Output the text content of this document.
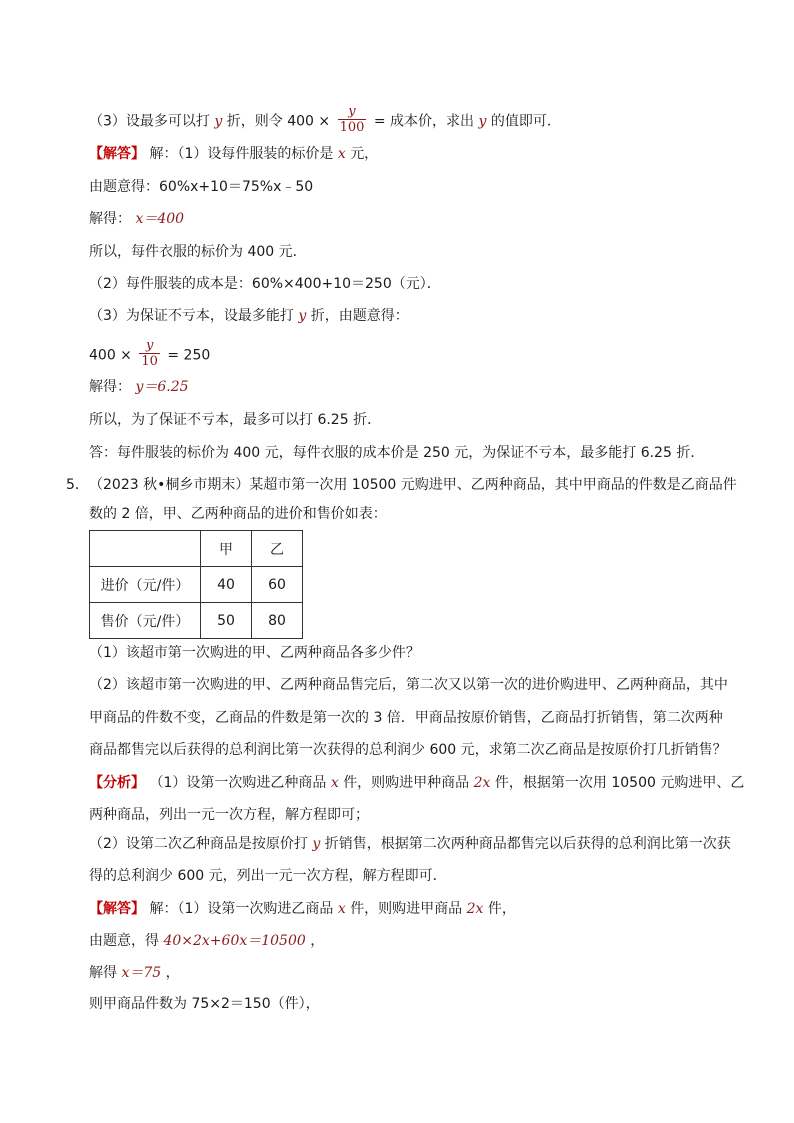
（3）设最多可以打 y 折，则令 $400 \times \frac{y}{100}$ = 成本价，求出 y 的值即可．
【解答】 解：（1）设每件服装的标价是 x 元，
由题意得：60%x+10＝75%x﹣50
解得： x＝400
所以，每件衣服的标价为 400 元．
（2）每件服装的成本是：60%×400+10＝250（元）．
（3）为保证不亏本，设最多能打 y 折，由题意得：
$400 \times \frac{y}{10} = 250$
解得： y＝6.25
所以，为了保证不亏本，最多可以打 6.25 折．
答：每件服装的标价为 400 元，每件衣服的成本价是 250 元，为保证不亏本，最多能打 6.25 折．
5． （2023 秋•桐乡市期末）某超市第一次用 10500 元购进甲、乙两种商品，其中甲商品的件数是乙商品件
数的 2 倍，甲、乙两种商品的进价和售价如表：
	甲	乙
进价（元/件）	40	60
售价（元/件）	50	80
（1）该超市第一次购进的甲、乙两种商品各多少件？
（2）该超市第一次购进的甲、乙两种商品售完后，第二次又以第一次的进价购进甲、乙两种商品，其中
甲商品的件数不变，乙商品的件数是第一次的 3 倍．甲商品按原价销售，乙商品打折销售，第二次两种
商品都售完以后获得的总利润比第一次获得的总利润少 600 元，求第二次乙商品是按原价打几折销售？
【分析】 （1）设第一次购进乙种商品 x 件，则购进甲种商品 2x 件，根据第一次用 10500 元购进甲、乙
两种商品，列出一元一次方程，解方程即可；
（2）设第二次乙种商品是按原价打 y 折销售，根据第二次两种商品都售完以后获得的总利润比第一次获
得的总利润少 600 元，列出一元一次方程，解方程即可．
【解答】 解：（1）设第一次购进乙商品 x 件，则购进甲商品 2x 件，
由题意，得 40×2x+60x＝10500 ，
解得 x＝75 ，
则甲商品件数为 75×2＝150（件），
